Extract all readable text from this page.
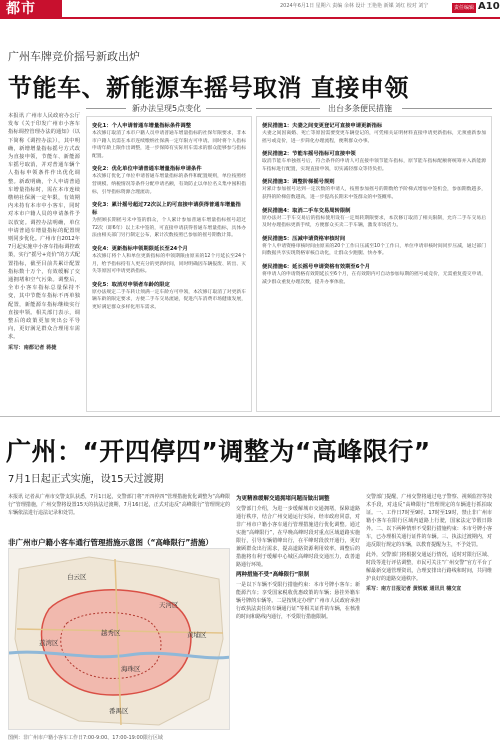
都市	2024年6月1日 星期六 责编 余林 设计 王艳艳 新媒 刘红 校对 刘宁	责任编辑 A10
广州车牌竞价摇号新政出炉
节能车、新能源车摇号取消 直接申领
本报讯 广州市人民政府办公厅发布《关于印发广州市小客车指标调控管理办法的通知》（以下简称《调控办法》），其中明确，新增增量指标摇号方式改为直接申领，节能车、新能源车摇号取消，并对普通车辆个人指标申领条件作出优化调整。新政明确，个人申请普通车增量指标时，需在本市连续缴纳社保满一定年限，有效期内未持有本市中小客车，同时对本市户籍人员的申请条件予以放宽。调控办法明确，单位申请普通车增量指标的配置规则同步优化。广州市自2012年7月起实施中小客车指标调控政策，实行“摇号+竞价”的方式配置指标，截至目前共累计配置指标数十万个，有效缓解了交通拥堵和空气污染。调整后，全市小客车指标总量保持不变，其中节能车指标不再单独配置，新能源车指标继续实行直接申领。相关部门表示，调整后的政策更加突出公平导向，更好满足群众合理用车需求。
采写：南都记者 蒋捷
新办法呈现5点变化	出台多条便民措施
变化1：个人申请普通车增量指标条件调整

本次修订取消了本市户籍人员申请普通车增量指标的社保年限要求，非本市户籍人员需在本市连续缴纳社保满一定年限方可申请。同时将个人指标申请年龄上限作出调整，进一步保障有实际用车需求的群众能够参与指标配置。

变化2：优化单位申请普通车增量指标申请条件

本次修订优化了单位申请普通车增量指标的条件和配置规则，单位按照经营规模、纳税情况等条件分配申请名额，有效防止以单位名义集中囤积指标，引导指标资源合理流动。

变化3：累计摇号超过72次以上的可直接申请获得普通车增量指标

为照顾长期摇号未中签的群众，个人累计参加普通车增量指标摇号超过72次（即6年）以上未中签的，可直接申请获得普通车增量指标，具体办法由相关部门另行制定公布，累计次数按照已参加的摇号期数计算。

变化4：更新指标申领期限延长至24个月

本次修订将个人和单位更新指标的申领期限由原来的12个月延长至24个月，给予指标持有人更充分的更新时间，同时明确因车辆报废、转出、灭失等原因可申请更新指标。

变化5：取消对申领者车龄的限定

原办法规定二手车转让须满一定车龄方可申领，本次修订取消了对更新车辆车龄的限定要求，方便二手车交易流通，促进汽车消费市场健康发展，更好满足群众多样化用车需求。

便民措施1：夫妻之间变更登记可直接申请更新指标

夫妻之间因离婚、死亡等原因需要变更车辆登记的，可凭相关证明材料直接申请更新指标，无须重新参加摇号或竞价，进一步简化办理流程，便利群众办事。

便民措施2：节能车摇号指标可直接申领

取消节能车单独摇号后，符合条件的申请人可直接申领节能车指标，原节能车指标配额将统筹并入新能源车指标进行配置，实现直接申领，切实减轻群众等待负担。

便民措施3：调整阶梯摇号规则

对累计参加摇号达到一定次数的申请人，按照参加摇号的期数给予阶梯式增加中签机会，参加期数越多，获得的阶梯倍数越高，进一步提高长期未中签群众的中签概率。

便民措施4：取消二手车交易周转限制

原办法对二手车交易后的指标使用设有一定周转期限要求，本次修订取消了相关限制，允许二手车交易后及时办理指标更新手续，方便群众买卖二手车辆，激发市场活力。

便民措施5：压减申请资格审核时间

将个人申请资格审核时间由原来的20个工作日压减至10个工作日，单位申请审核时间同步压减，通过部门间数据共享实现资格审核自动化，让群众少跑腿、快办事。

便民措施6：延长摇号申请资格有效期至6个月

将申请人的申请资格有效期延长至6个月，在有效期内可自动参加每期的摇号或竞价，无需重复提交申请，减少群众重复办理次数，提升办事体验。

广州：“开四停四”调整为“高峰限行”
7月1日起正式实施，设15天过渡期
本报讯 记者从广州市交警支队获悉，7月1日起，交警部门将“开四停四”管理措施优化调整为“高峰限行”管理措施，广州交警将设置15天的执法过渡期，7月16日起，正式对违反“高峰限行”管理规定的车辆依法进行违法记录和处罚。
非广州市户籍小客车通行管理措施示意图（“高峰限行”措施）
白云区
天河区
黄埔区
荔湾区
越秀区
海珠区
番禺区
图例：非广州市户籍小客车工作日7:00-9:00、17:00-19:00限行区域
为更精准缓解交通拥堵问题而做出调整

交警部门介绍，为进一步缓解城市交通拥堵，保障道路通行秩序，结合广州交通运行实际，经市政府同意，对非广州市户籍小客车通行管理措施进行优化调整。通过实施“高峰限行”，在早晚高峰时段对重点区域道路实施限行，引导车辆错峰出行，在平峰时段放开通行，更好兼顾群众出行需求，提高道路资源利用效率。调整后的措施将有利于缓解中心城区高峰时段交通压力，改善道路通行环境。

两种措施不受“高峰限行”限制

一是以下车辆不受限行措施约束：本市号牌小客车；新能源汽车；享受国家税收优惠政策的车辆；悬挂外籍车辆号牌的车辆等。二是按规定办理“广州市人民政府承担行政执法责任的车辆通行证”等相关证件的车辆，在核准的时间和路线内通行，不受限行措施限制。

交警部门提醒，广州交警将通过电子警察、视频监控等技术手段，对违反“高峰限行”管理规定的车辆进行抓拍取证。一、工作日7时至9时、17时至19时，禁止非广州市籍小客车在限行区域内道路上行驶，国家法定节假日除外。二、以下两种情形不受限行措施约束：本市号牌小客车，已办理相关通行证件的车辆。三、执法过渡期内，对违反限行规定的车辆，以教育提醒为主，不予处罚。

此外，交警部门将根据交通运行情况，适时对限行区域、时段等进行评估调整，市民可关注“广州交警”官方平台了解最新交通管理资讯，合理安排出行路线和时间，共同维护良好的道路交通秩序。

采写：南方日报记者 黄锐敏 通讯员 穗交宣
